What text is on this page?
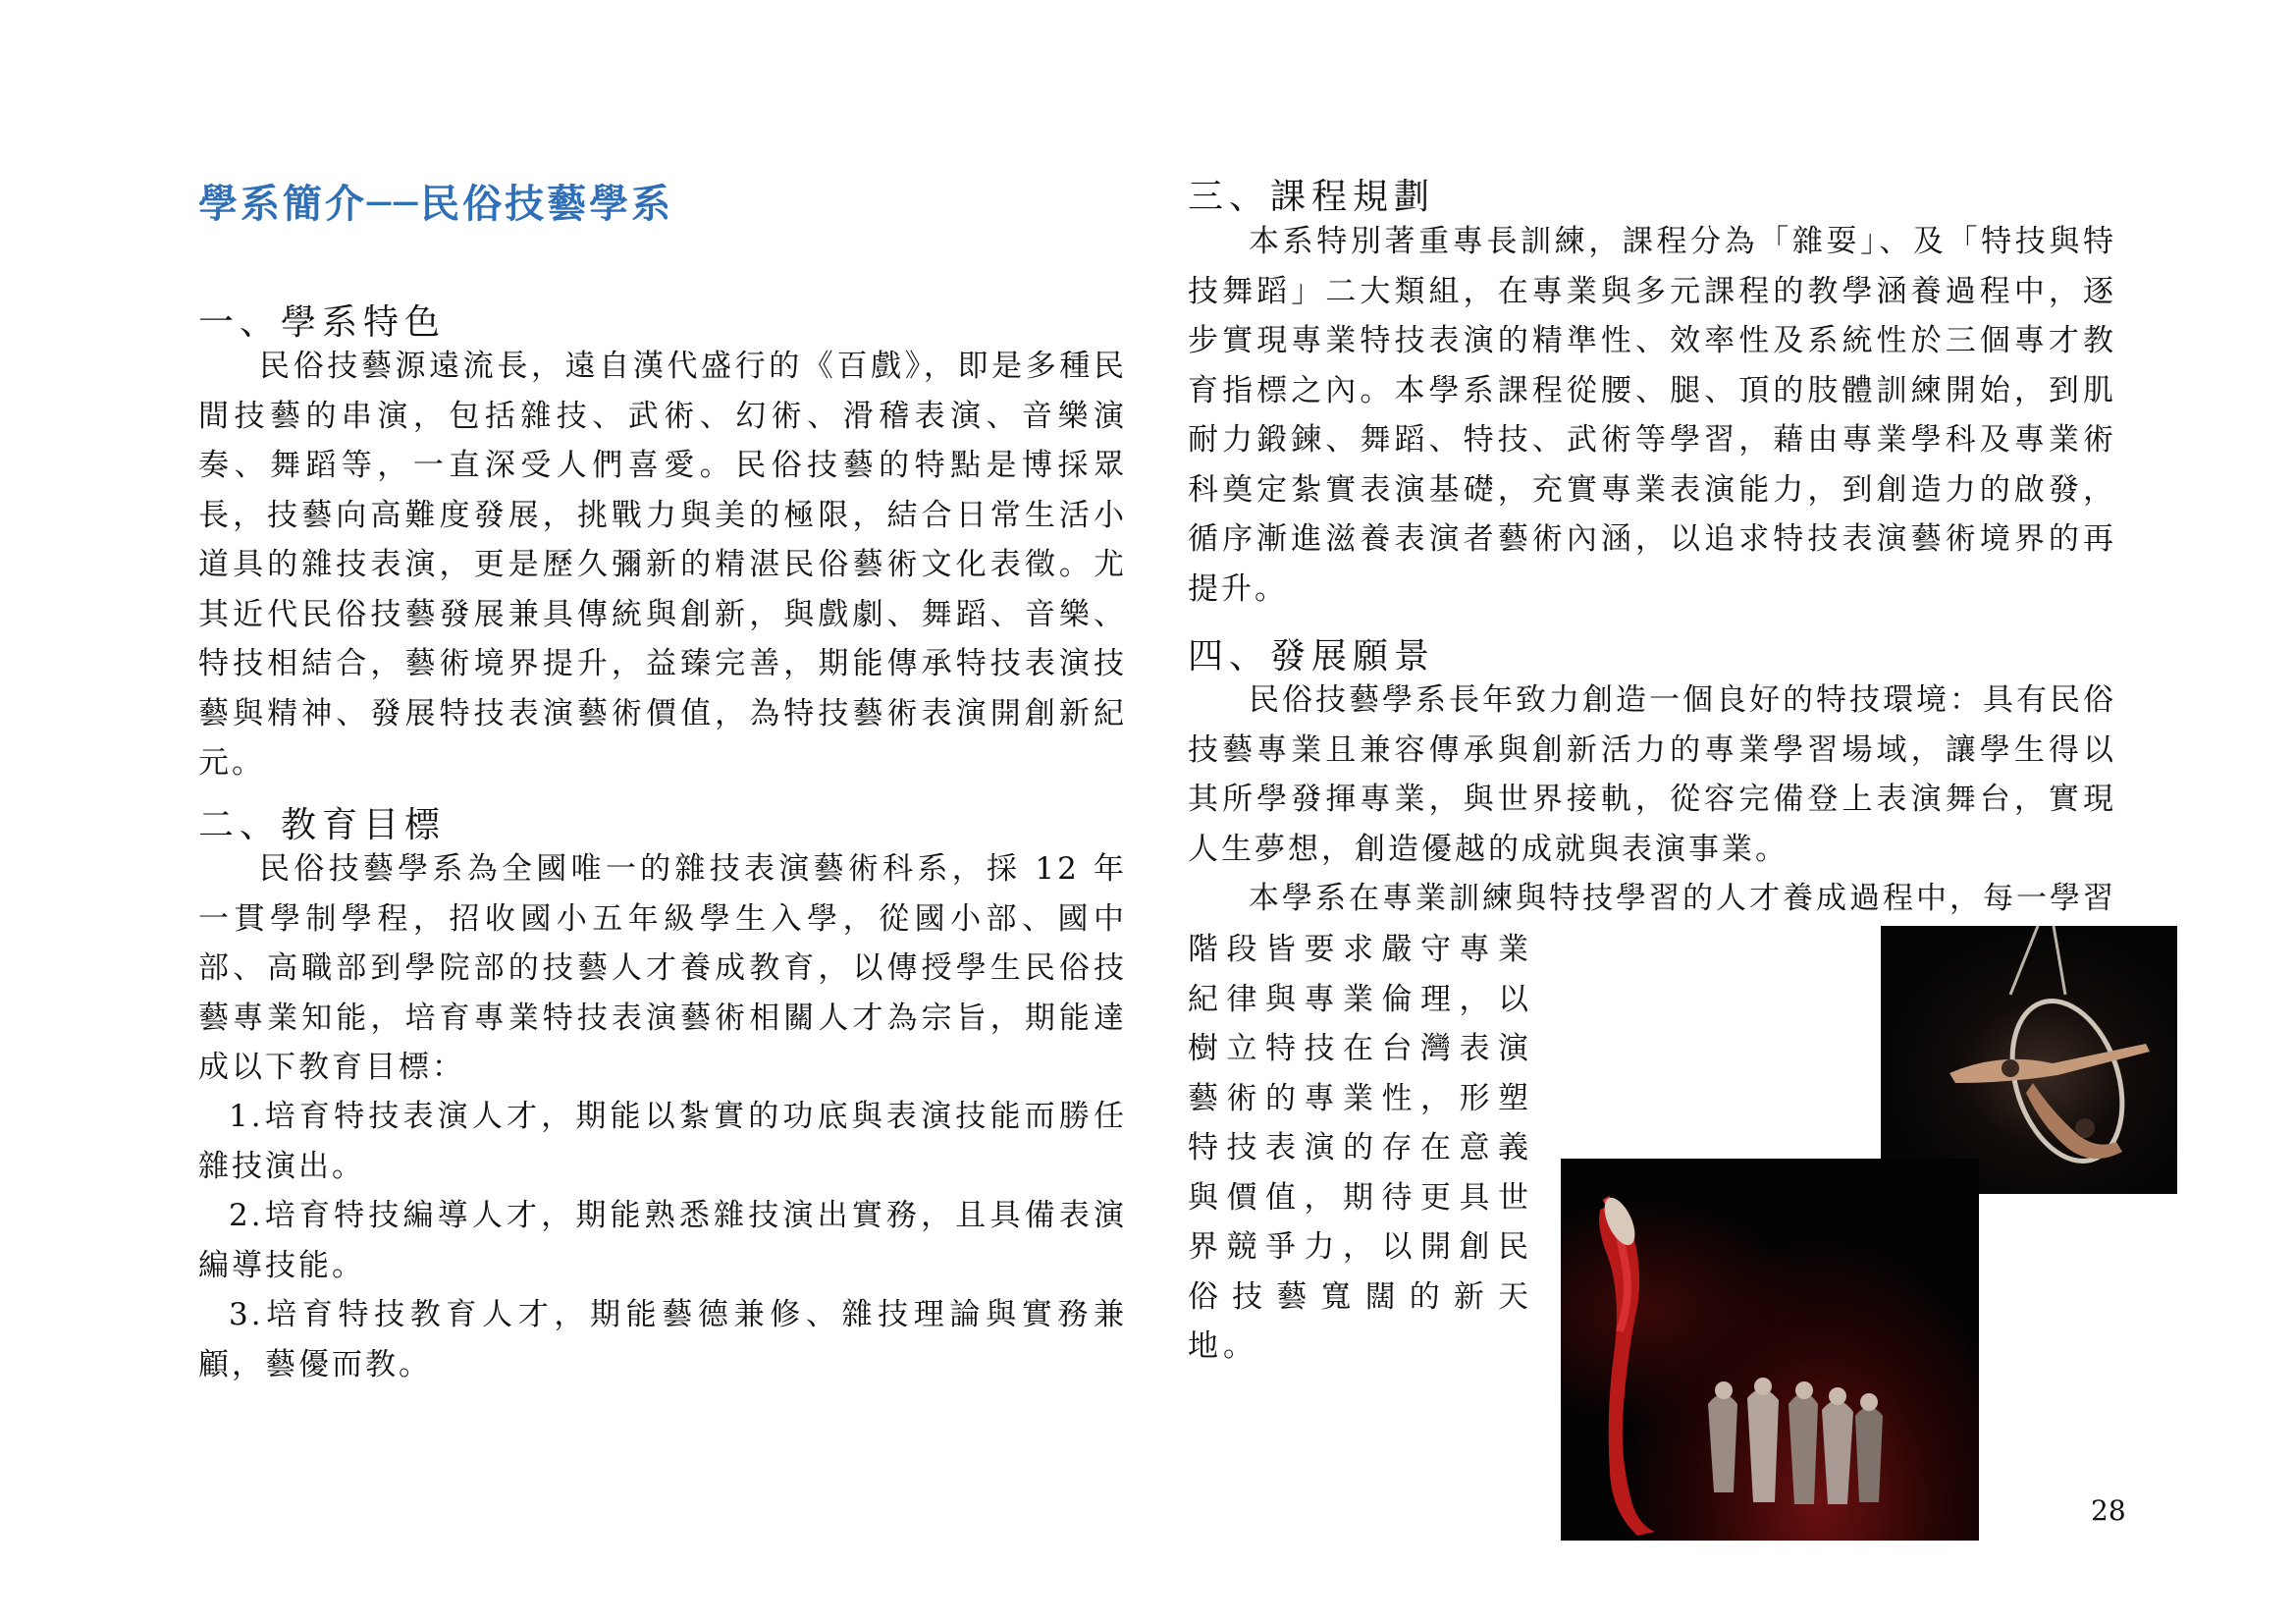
學系簡介──民俗技藝學系
一、學系特色

民俗技藝源遠流長，遠自漢代盛行的《百戲》，即是多種民間技藝的串演，包括雜技、武術、幻術、滑稽表演、音樂演奏、舞蹈等，一直深受人們喜愛。民俗技藝的特點是博採眾長，技藝向高難度發展，挑戰力與美的極限，結合日常生活小道具的雜技表演，更是歷久彌新的精湛民俗藝術文化表徵。尤其近代民俗技藝發展兼具傳統與創新，與戲劇、舞蹈、音樂、特技相結合，藝術境界提升，益臻完善，期能傳承特技表演技藝與精神、發展特技表演藝術價值，為特技藝術表演開創新紀元。

二、教育目標

民俗技藝學系為全國唯一的雜技表演藝術科系，採 12 年一貫學制學程，招收國小五年級學生入學，從國小部、國中部、高職部到學院部的技藝人才養成教育，以傳授學生民俗技藝專業知能，培育專業特技表演藝術相關人才為宗旨，期能達成以下教育目標：

1.培育特技表演人才，期能以紮實的功底與表演技能而勝任雜技演出。

2.培育特技編導人才，期能熟悉雜技演出實務，且具備表演編導技能。

3.培育特技教育人才，期能藝德兼修、雜技理論與實務兼顧，藝優而教。

三、課程規劃

本系特別著重專長訓練，課程分為「雜耍」、及「特技與特技舞蹈」二大類組，在專業與多元課程的教學涵養過程中，逐步實現專業特技表演的精準性、效率性及系統性於三個專才教育指標之內。本學系課程從腰、腿、頂的肢體訓練開始，到肌耐力鍛鍊、舞蹈、特技、武術等學習，藉由專業學科及專業術科奠定紮實表演基礎，充實專業表演能力，到創造力的啟發，循序漸進滋養表演者藝術內涵，以追求特技表演藝術境界的再提升。

四、發展願景

民俗技藝學系長年致力創造一個良好的特技環境：具有民俗技藝專業且兼容傳承與創新活力的專業學習場域，讓學生得以其所學發揮專業，與世界接軌，從容完備登上表演舞台，實現人生夢想，創造優越的成就與表演事業。

本學系在專業訓練與特技學習的人才養成過程中，每一學習

階段皆要求嚴守專業紀律與專業倫理，以樹立特技在台灣表演藝術的專業性，形塑特技表演的存在意義與價值，期待更具世界競爭力，以開創民俗技藝寬闊的新天地。

28
